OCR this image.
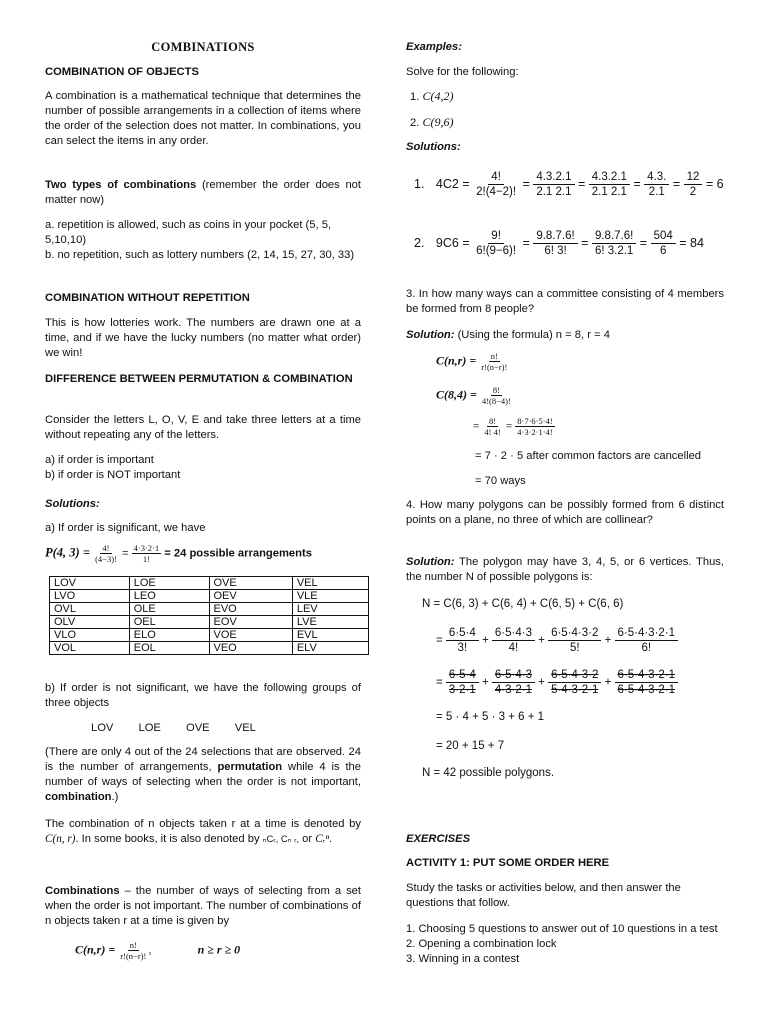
COMBINATIONS

COMBINATION OF OBJECTS

A combination is a mathematical technique that determines the number of possible arrangements in a collection of items where the order of the selection does not matter. In combinations, you can select the items in any order.

Two types of combinations (remember the order does not matter now)

a. repetition is allowed, such as coins in your pocket (5, 5, 5,10,10)

b. no repetition, such as lottery numbers (2, 14, 15, 27, 30, 33)

COMBINATION WITHOUT REPETITION

This is how lotteries work. The numbers are drawn one at a time, and if we have the lucky numbers (no matter what order) we win!

DIFFERENCE BETWEEN PERMUTATION & COMBINATION

Consider the letters L, O, V, E and take three letters at a time without repeating any of the letters.

a) if order is important

b) if order is NOT important

Solutions:

a) If order is significant, we have

P(4, $3) = \frac{4!}{(4-3)!} = \frac{4\cdot 3\cdot 2\cdot 1}{1!} = 24$ possible arrangements
LOV	LOE	OVE	VEL
LVO	LEO	OEV	VLE
OVL	OLE	EVO	LEV
OLV	OEL	EOV	LVE
VLO	ELO	VOE	EVL
VOL	EOL	VEO	ELV

b) If order is not significant, we have the following groups of three objects

LOV LOE OVE VEL

(There are only 4 out of the 24 selections that are observed. 24 is the number of arrangements, permutation while 4 is the number of ways of selecting when the order is not important, combination.)

The combination of n objects taken r at a time is denoted by C(n, r). In some books, it is also denoted by ₙCᵣ, Cₙ ᵣ, or Cᵣⁿ.

Combinations – the number of ways of selecting from a set when the order is not important. The number of combinations of n objects taken r at a time is given by

$C(n,r) = \frac{n!}{r!(n-r)!}$ ,	n ≥ r ≥ 0

Examples:

Solve for the following:

1. C(4,2)
2. C(9,6)

Solutions:

1. $4C2 = \frac{4!}{2!(4-2)!} = \frac{4.3.2.1}{2.1 2.1} = \frac{4.3.2.1}{2.1 2.1} = \frac{4.3.}{2.1} = \frac{12}{2} = 6$
2. $9C6 = \frac{9!}{6!(9-6)!} = \frac{9.8.7.6!}{6! 3!} = \frac{9.8.7.6!}{6! 3.2.1} = \frac{504}{6} = 84$

3. In how many ways can a committee consisting of 4 members be formed from 8 people?

Solution: (Using the formula) n = 8, r = 4

$C(n,r) = \frac{n!}{r!(n-r)!}$
$C(8,4) = \frac{8!}{4!(8-4)!}$
= $\frac{8!}{4! 4!} = \frac{8\cdot 7\cdot 6\cdot 5\cdot 4!}{4\cdot 3\cdot 2\cdot 1\cdot 4!}$

= 7 · 2 · 5 after common factors are cancelled

= 70 ways

4. How many polygons can be possibly formed from 6 distinct points on a plane, no three of which are collinear?

Solution: The polygon may have 3, 4, 5, or 6 vertices. Thus, the number N of possible polygons is:

N = C(6, 3) + C(6, 4) + C(6, 5) + C(6, 6)
= $\frac{6\cdot 5\cdot 4}{3!} + \frac{6\cdot 5\cdot 4\cdot 3}{4!} + \frac{6\cdot 5\cdot 4\cdot 3\cdot 2}{5!} + \frac{6\cdot 5\cdot 4\cdot 3\cdot 2\cdot 1}{6!}$
= $\frac{6\cdot 5\cdot 4}{3\cdot 2\cdot 1} + \frac{6\cdot 5\cdot 4\cdot 3}{4\cdot 3\cdot 2\cdot 1} + \frac{6\cdot 5\cdot 4\cdot 3\cdot 2}{5\cdot 4\cdot 3\cdot 2\cdot 1} + \frac{6\cdot 5\cdot 4\cdot 3\cdot 2\cdot 1}{6\cdot 5\cdot 4\cdot 3\cdot 2\cdot 1}$
= 5 · 4 + 5 · 3 + 6 + 1
= 20 + 15 + 7
N = 42 possible polygons.

EXERCISES

ACTIVITY 1: PUT SOME ORDER HERE

Study the tasks or activities below, and then answer the questions that follow.

1. Choosing 5 questions to answer out of 10 questions in a test

2. Opening a combination lock

3. Winning in a contest
